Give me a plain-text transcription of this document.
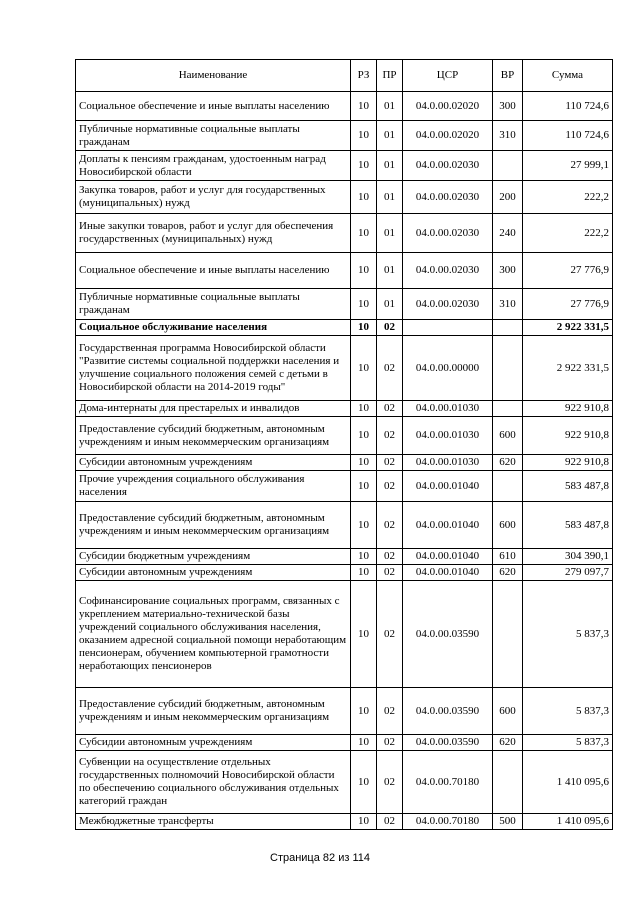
Наименование	РЗ	ПР	ЦСР	ВР	Сумма
Социальное обеспечение и иные выплаты населению	10	01	04.0.00.02020	300	110 724,6
Публичные нормативные социальные выплаты гражданам	10	01	04.0.00.02020	310	110 724,6
Доплаты к пенсиям гражданам, удостоенным наград Новосибирской области	10	01	04.0.00.02030		27 999,1
Закупка товаров, работ и услуг для государственных (муниципальных) нужд	10	01	04.0.00.02030	200	222,2
Иные закупки товаров, работ и услуг для обеспечения государственных (муниципальных) нужд	10	01	04.0.00.02030	240	222,2
Социальное обеспечение и иные выплаты населению	10	01	04.0.00.02030	300	27 776,9
Публичные нормативные социальные выплаты гражданам	10	01	04.0.00.02030	310	27 776,9
Социальное обслуживание населения	10	02			2 922 331,5
Государственная программа Новосибирской области "Развитие системы социальной поддержки населения и улучшение социального положения семей с детьми в Новосибирской области на 2014-2019 годы"	10	02	04.0.00.00000		2 922 331,5
Дома-интернаты для престарелых и инвалидов	10	02	04.0.00.01030		922 910,8
Предоставление субсидий бюджетным, автономным учреждениям и иным некоммерческим организациям	10	02	04.0.00.01030	600	922 910,8
Субсидии автономным учреждениям	10	02	04.0.00.01030	620	922 910,8
Прочие учреждения социального обслуживания населения	10	02	04.0.00.01040		583 487,8
Предоставление субсидий бюджетным, автономным учреждениям и иным некоммерческим организациям	10	02	04.0.00.01040	600	583 487,8
Субсидии бюджетным учреждениям	10	02	04.0.00.01040	610	304 390,1
Субсидии автономным учреждениям	10	02	04.0.00.01040	620	279 097,7
Софинансирование социальных программ, связанных с укреплением материально-технической базы учреждений социального обслуживания населения, оказанием адресной социальной помощи неработающим пенсионерам, обучением компьютерной грамотности неработающих пенсионеров	10	02	04.0.00.03590		5 837,3
Предоставление субсидий бюджетным, автономным учреждениям и иным некоммерческим организациям	10	02	04.0.00.03590	600	5 837,3
Субсидии автономным учреждениям	10	02	04.0.00.03590	620	5 837,3
Субвенции на осуществление отдельных государственных полномочий Новосибирской области по обеспечению социального обслуживания отдельных категорий граждан	10	02	04.0.00.70180		1 410 095,6
Межбюджетные трансферты	10	02	04.0.00.70180	500	1 410 095,6
Страница 82 из 114
